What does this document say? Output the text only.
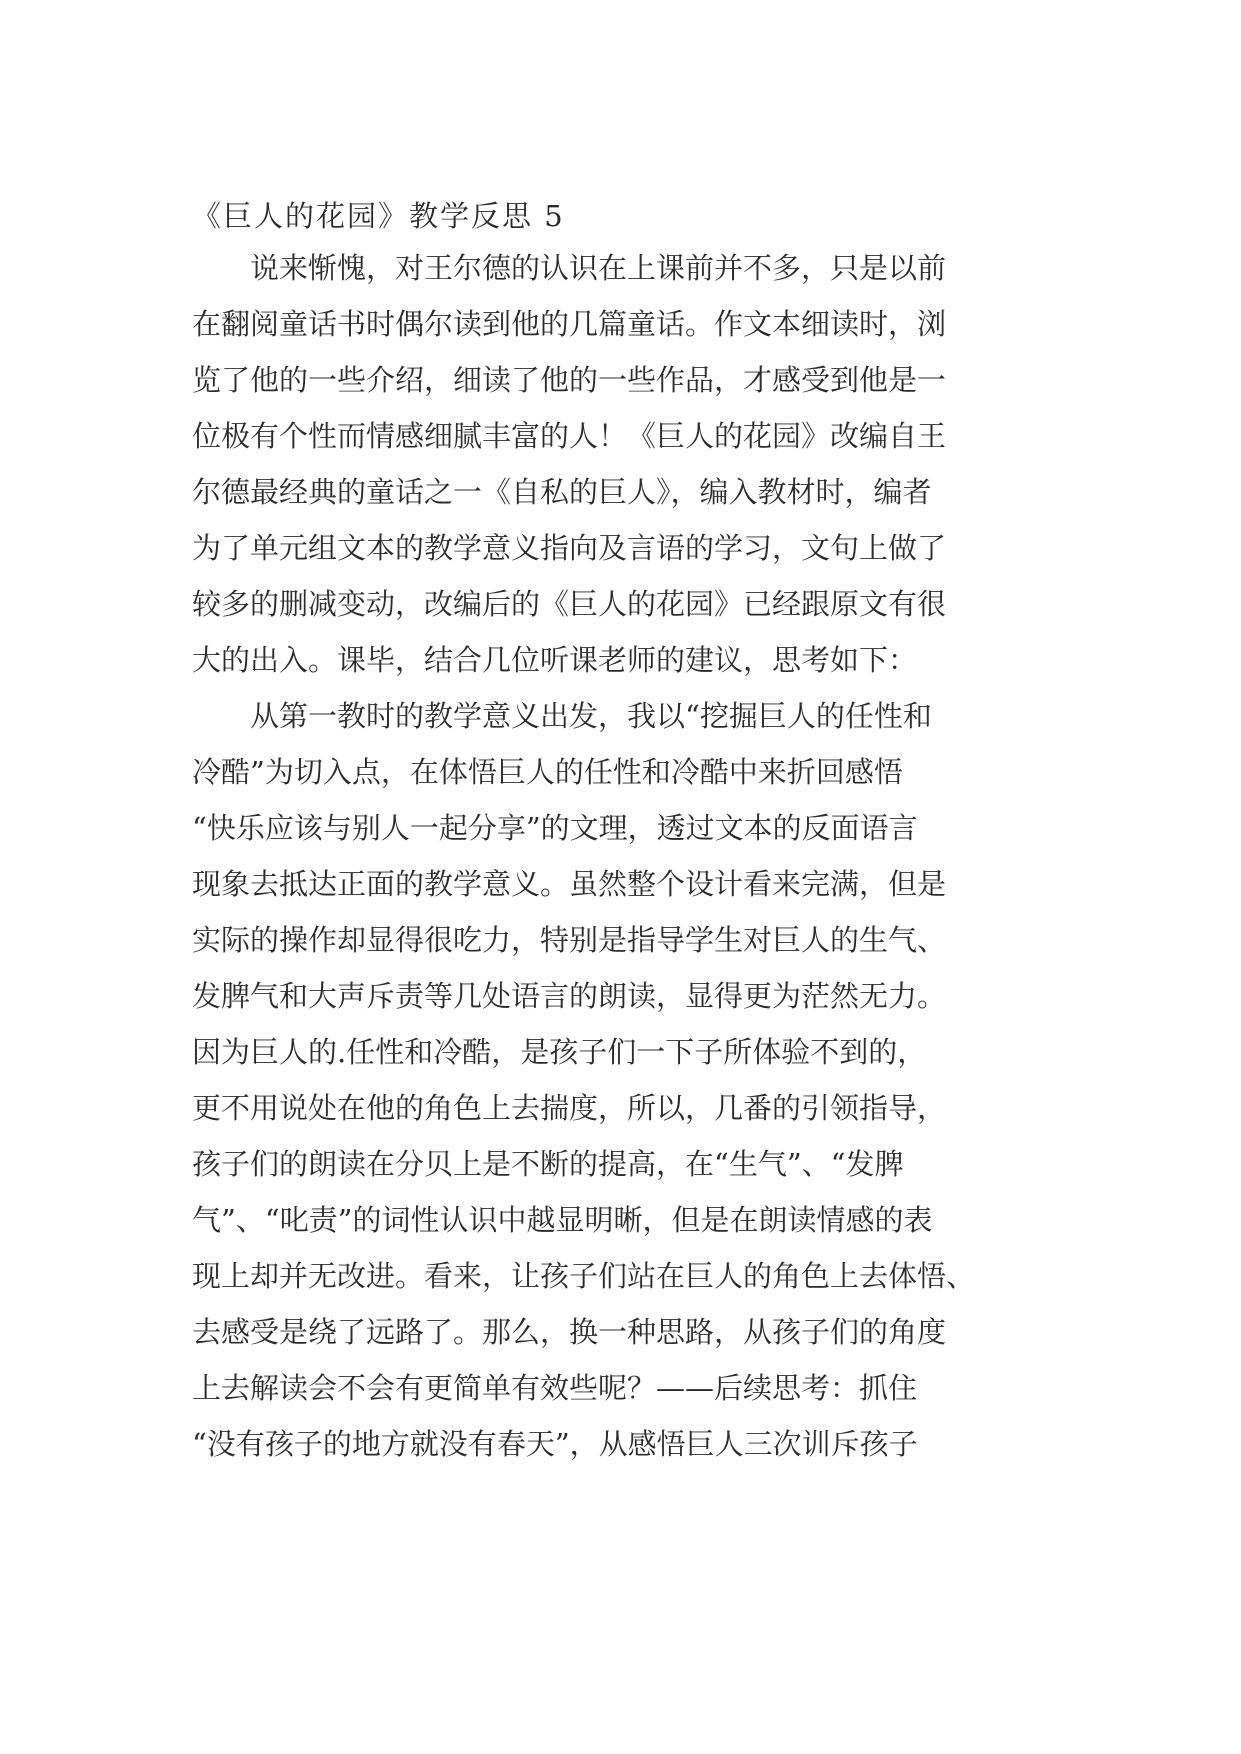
《巨人的花园》教学反思 5

说来惭愧，对王尔德的认识在上课前并不多，只是以前

在翻阅童话书时偶尔读到他的几篇童话。作文本细读时，浏

览了他的一些介绍，细读了他的一些作品，才感受到他是一

位极有个性而情感细腻丰富的人！《巨人的花园》改编自王

尔德最经典的童话之一《自私的巨人》，编入教材时，编者

为了单元组文本的教学意义指向及言语的学习，文句上做了

较多的删减变动，改编后的《巨人的花园》已经跟原文有很

大的出入。课毕，结合几位听课老师的建议，思考如下：

从第一教时的教学意义出发，我以“挖掘巨人的任性和

冷酷”为切入点，在体悟巨人的任性和冷酷中来折回感悟

“快乐应该与别人一起分享”的文理，透过文本的反面语言

现象去抵达正面的教学意义。虽然整个设计看来完满，但是

实际的操作却显得很吃力，特别是指导学生对巨人的生气、

发脾气和大声斥责等几处语言的朗读，显得更为茫然无力。

因为巨人的.任性和冷酷，是孩子们一下子所体验不到的，

更不用说处在他的角色上去揣度，所以，几番的引领指导，

孩子们的朗读在分贝上是不断的提高，在“生气”、“发脾

气”、“叱责”的词性认识中越显明晰，但是在朗读情感的表

现上却并无改进。看来，让孩子们站在巨人的角色上去体悟、

去感受是绕了远路了。那么，换一种思路，从孩子们的角度

上去解读会不会有更简单有效些呢？——后续思考：抓住

“没有孩子的地方就没有春天”，从感悟巨人三次训斥孩子
